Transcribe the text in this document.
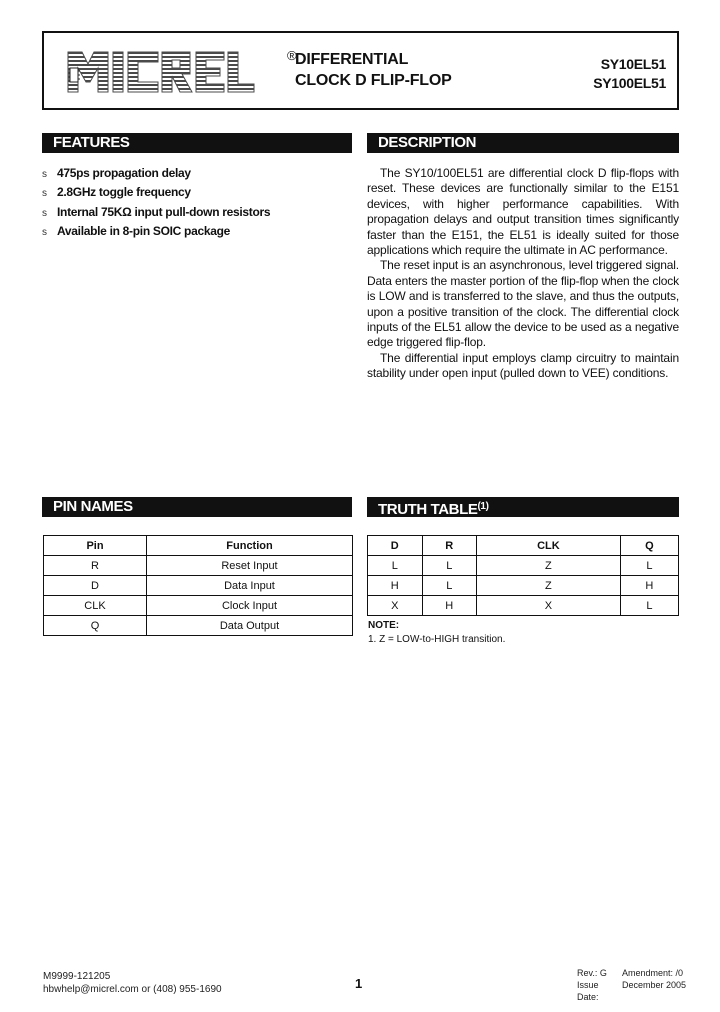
®
DIFFERENTIAL
CLOCK D FLIP-FLOP
SY10EL51
SY100EL51
FEATURES
s 475ps propagation delay
s 2.8GHz toggle frequency
s Internal 75KΩ input pull-down resistors
s Available in 8-pin SOIC package
DESCRIPTION

The SY10/100EL51 are differential clock D flip-flops with reset. These devices are functionally similar to the E151 devices, with higher performance capabilities. With propagation delays and output transition times significantly faster than the E151, the EL51 is ideally suited for those applications which require the ultimate in AC performance.

The reset input is an asynchronous, level triggered signal. Data enters the master portion of the flip-flop when the clock is LOW and is transferred to the slave, and thus the outputs, upon a positive transition of the clock. The differential clock inputs of the EL51 allow the device to be used as a negative edge triggered flip-flop.

The differential input employs clamp circuitry to maintain stability under open input (pulled down to VEE) conditions.

PIN NAMES
Pin	Function
R	Reset Input
D	Data Input
CLK	Clock Input
Q	Data Output
TRUTH TABLE$^{(1)}$
D	R	CLK	Q
L	L	Z	L
H	L	Z	H
X	H	X	L
NOTE:
1. Z = LOW-to-HIGH transition.
M9999-121205
hbwhelp@micrel.com or (408) 955-1690	1
Rev.: G	Amendment: /0
Issue Date:
December 2005
